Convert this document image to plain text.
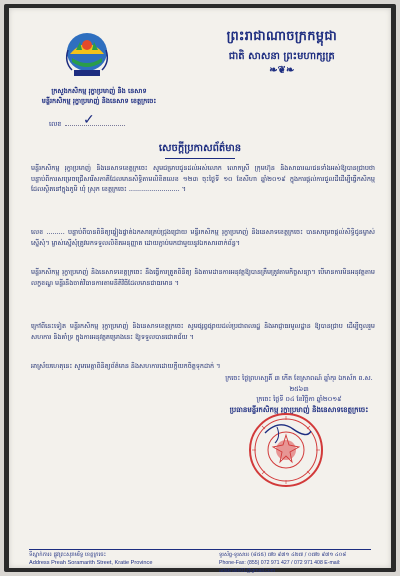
ព្រះរាជាណាចក្រកម្ពុជា
ជាតិ សាសនា ព្រះមហាក្សត្រ
❧❦❧
ក្រសួងកសិកម្ម រុក្ខាប្រមាញ់ និង នេសាទ
មន្ទីរកសិកម្ម រុក្ខាប្រមាញ់ និងនេសាទ ខេត្តក្រចេះ
លេខ	✓
សេចក្តីប្រកាសព័ត៌មាន
មន្ទីរកសិកម្ម រុក្ខាប្រមាញ់ និងនេសាទខេត្តក្រចេះ សូមជម្រាបជូនដល់អស់លោក លោកស្រី ក្រុមហ៊ុន និងសាធារណជនទាំងអស់ឱ្យបានជ្រាបថា បន្ទាប់ពីការសម្រេចជ្រើសរើសភាគីដែលមានសិទ្ធិតាមលិខិតលេខ ១២៣ ចុះថ្ងៃទី ១០ ខែសីហា ឆ្នាំ២០១៩ ក្នុងការផ្តល់ការជួលដីដើម្បីធ្វើកសិកម្ម ដែលស្ថិតនៅក្នុងភូមិ ឃុំ ស្រុក ខេត្តក្រចេះ ......................... ។
លេខ ......... បន្ទាប់ពីបានពិនិត្យផ្ទៀងផ្ទាត់ឯកសារគ្រប់ជ្រុងជ្រោយ មន្ទីរកសិកម្ម រុក្ខាប្រមាញ់ និងនេសាទខេត្តក្រចេះ បានសម្រេចផ្តល់សិទ្ធិជូនម្ចាស់ស្នើសុំ។ ម្ចាស់ស្នើសុំត្រូវមកទទួលលិខិតអនុញ្ញាត ដោយភ្ជាប់មកជាមួយនូវឯកសារពាក់ព័ន្ធ។
មន្ទីរកសិកម្ម រុក្ខាប្រមាញ់ និងនេសាទខេត្តក្រចេះ នឹងធ្វើការត្រួតពិនិត្យ និងតាមដានការអនុវត្តឱ្យបានត្រឹមត្រូវតាមកិច្ចសន្យា។ បើមានការមិនអនុវត្តតាមលក្ខខណ្ឌ មន្ទីរនឹងចាត់វិធានការតាមនីតិវិធីដែលមានជាធរមាន ។
ក្រៅពីនេះទៀត មន្ទីរកសិកម្ម រុក្ខាប្រមាញ់ និងនេសាទខេត្តក្រចេះ សូមផ្សព្វផ្សាយដល់ប្រជាពលរដ្ឋ និងអាជ្ញាធរមូលដ្ឋាន ឱ្យបានជ្រាប ដើម្បីចូលរួមសហការ និងគាំទ្រ ក្នុងការអនុវត្តគម្រោងនេះ ឱ្យទទួលបានជោគជ័យ ។
អាស្រ័យហេតុនេះ សូមមេត្តាពិនិត្យព័ត៌មាន និងសហការដោយក្តីយកចិត្តទុកដាក់ ។
ក្រចេះ ថ្ងៃព្រហស្បតិ៍ ៣ កើត ខែស្រាពណ៍ ឆ្នាំកុរ ឯកស័ក ព.ស. ២៥៦៣
ក្រចេះ ថ្ងៃទី ០៤ ខែវិច្ឆិកា ឆ្នាំ២០១៩
ប្រធានមន្ទីរកសិកម្ម រុក្ខាប្រមាញ់ និងនេសាទខេត្តក្រចេះ
ទីស្នាក់ការ៖ ផ្លូវព្រះសុរាមរិទ្ធ ខេត្តក្រចេះ
Address Preah Soramarith Street, Kratie Province
ទូរស័ព្ទ-ទូរសារ៖ (៨៥៥) ៧២ ៩៧១ ៤២៧ / ០៧២ ៩៧១ ៤០៨
Phone-Fax: (855) 072 971 427 / 072 971 408 E-mail: adakratie01@gmail.com
